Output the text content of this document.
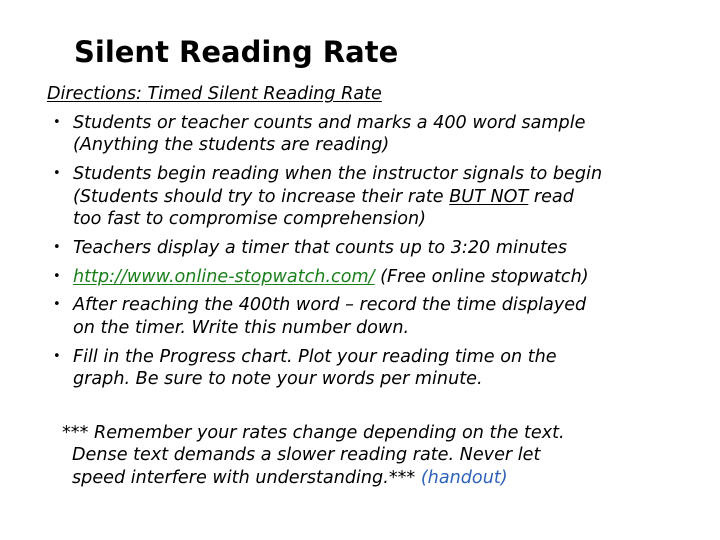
Silent Reading Rate
Directions: Timed Silent Reading Rate
• Students or teacher counts and marks a 400 word sample
(Anything the students are reading)
• Students begin reading when the instructor signals to begin
(Students should try to increase their rate BUT NOT read
too fast to compromise comprehension)
• Teachers display a timer that counts up to 3:20 minutes
• http://www.online-stopwatch.com/ (Free online stopwatch)
• After reaching the 400th word – record the time displayed
on the timer. Write this number down.
• Fill in the Progress chart. Plot your reading time on the
graph. Be sure to note your words per minute.
*** Remember your rates change depending on the text.
Dense text demands a slower reading rate. Never let
speed interfere with understanding.*** (handout)
